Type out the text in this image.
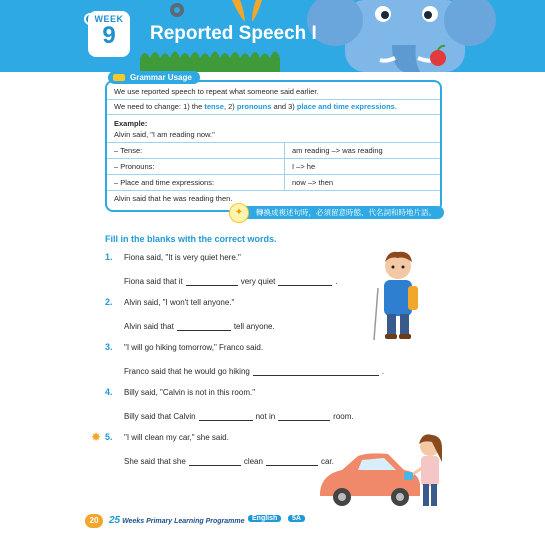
WEEK
9	Reported Speech I
Grammar Usage
We use reported speech to repeat what someone said earlier.
We need to change: 1) the tense, 2) pronouns and 3) place and time expressions.
Example:
Alvin said, "I am reading now."
– Tense:	am reading –> was reading
– Pronouns:	I –> he
– Place and time expressions:	now –> then
Alvin said that he was reading then.
✦	轉換成複述句時，必須留意時態、代名詞和時地片語。
Fill in the blanks with the correct words.
1. Fiona said, "It is very quiet here."
Fiona said that it	very quiet	.
2. Alvin said, "I won't tell anyone."
Alvin said that	tell anyone.
3. "I will go hiking tomorrow," Franco said.
Franco said that he would go hiking	.
4. Billy said, "Calvin is not in this room."
Billy said that Calvin	not in	room.
✸ 5. "I will clean my car," she said.
She said that she	clean	car.
20	25 Weeks Primary Learning Programme	English	5A
